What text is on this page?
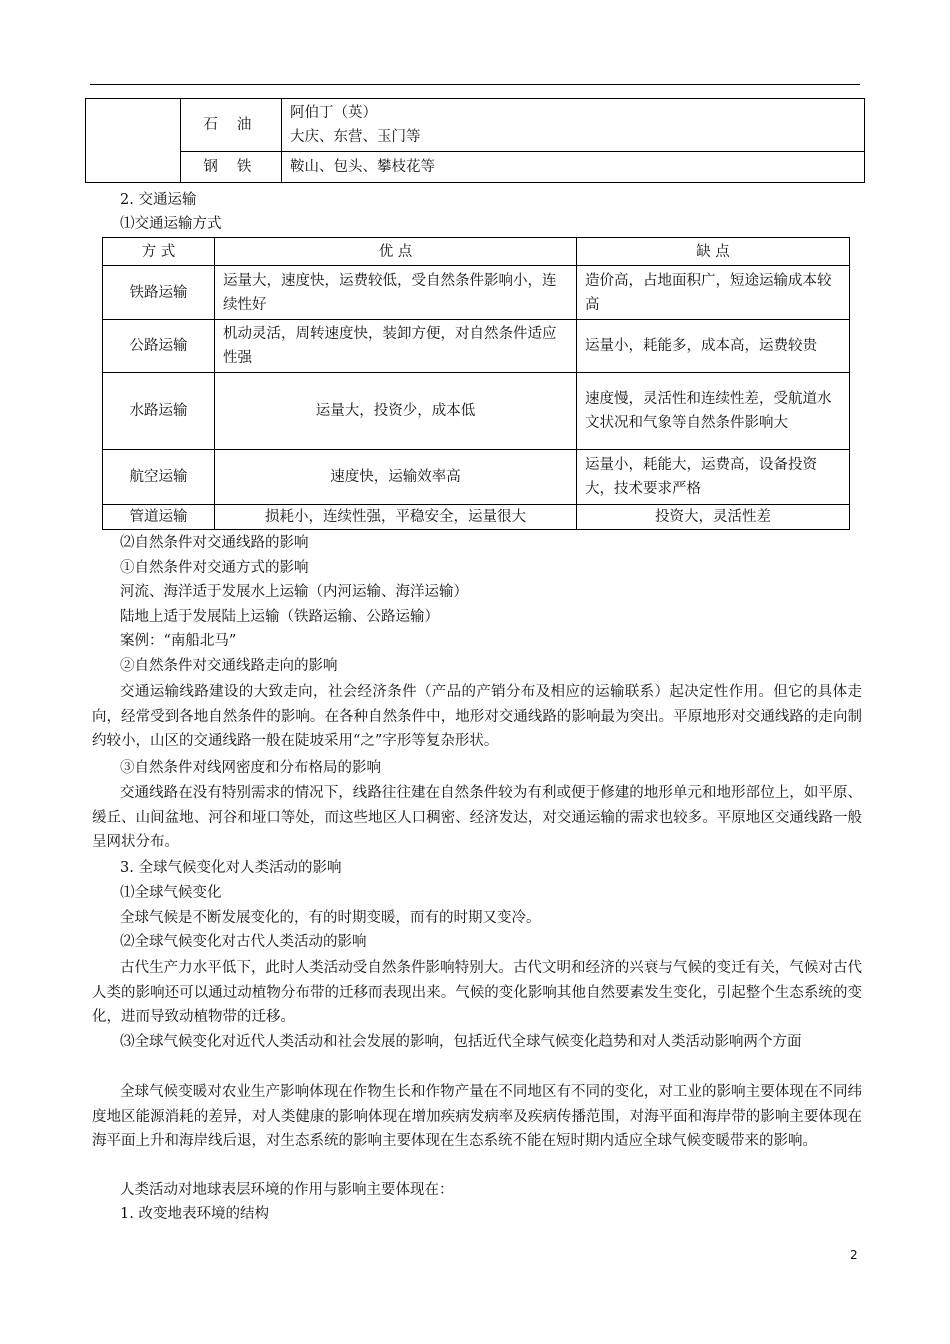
	石 油	阿伯丁（英）
大庆、东营、玉门等

	钢 铁	鞍山、包头、攀枝花等
2. 交通运输
⑴交通运输方式
方 式	优 点	缺 点
铁路运输	运量大，速度快，运费较低，受自然条件影响小，连续性好	造价高，占地面积广，短途运输成本较高
公路运输	机动灵活，周转速度快，装卸方便，对自然条件适应性强	运量小，耗能多，成本高，运费较贵
水路运输	运量大，投资少，成本低	速度慢，灵活性和连续性差，受航道水文状况和气象等自然条件影响大
航空运输	速度快，运输效率高	运量小，耗能大，运费高，设备投资大，技术要求严格
管道运输	损耗小，连续性强，平稳安全，运量很大	投资大，灵活性差
⑵自然条件对交通线路的影响
①自然条件对交通方式的影响
河流、海洋适于发展水上运输（内河运输、海洋运输）
陆地上适于发展陆上运输（铁路运输、公路运输）
案例：“南船北马”
②自然条件对交通线路走向的影响
交通运输线路建设的大致走向，社会经济条件（产品的产销分布及相应的运输联系）起决定性作用。但它的具体走向，经常受到各地自然条件的影响。在各种自然条件中，地形对交通线路的影响最为突出。平原地形对交通线路的走向制约较小，山区的交通线路一般在陡坡采用“之”字形等复杂形状。
③自然条件对线网密度和分布格局的影响
交通线路在没有特别需求的情况下，线路往往建在自然条件较为有利或便于修建的地形单元和地形部位上，如平原、缓丘、山间盆地、河谷和垭口等处，而这些地区人口稠密、经济发达，对交通运输的需求也较多。平原地区交通线路一般呈网状分布。
3. 全球气候变化对人类活动的影响
⑴全球气候变化
全球气候是不断发展变化的，有的时期变暖，而有的时期又变冷。
⑵全球气候变化对古代人类活动的影响
古代生产力水平低下，此时人类活动受自然条件影响特别大。古代文明和经济的兴衰与气候的变迁有关，气候对古代人类的影响还可以通过动植物分布带的迁移而表现出来。气候的变化影响其他自然要素发生变化，引起整个生态系统的变化，进而导致动植物带的迁移。
⑶全球气候变化对近代人类活动和社会发展的影响，包括近代全球气候变化趋势和对人类活动影响两个方面
全球气候变暖对农业生产影响体现在作物生长和作物产量在不同地区有不同的变化，对工业的影响主要体现在不同纬度地区能源消耗的差异，对人类健康的影响体现在增加疾病发病率及疾病传播范围，对海平面和海岸带的影响主要体现在海平面上升和海岸线后退，对生态系统的影响主要体现在生态系统不能在短时期内适应全球气候变暖带来的影响。
人类活动对地球表层环境的作用与影响主要体现在：
1. 改变地表环境的结构
2
